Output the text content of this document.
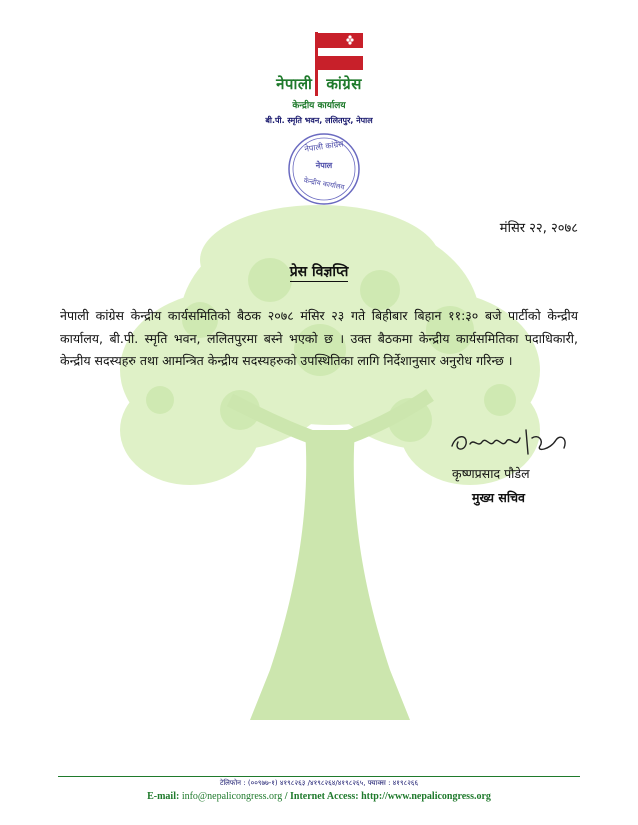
नेपाली कांग्रेस
केन्द्रीय कार्यालय
बी.पी. स्मृति भवन, ललितपुर, नेपाल
नेपाली कांग्रेस
नेपाल
केन्द्रीय कार्यालय
मंसिर २२, २०७८
प्रेस विज्ञप्ति
नेपाली कांग्रेस केन्द्रीय कार्यसमितिको बैठक २०७८ मंसिर २३ गते बिहीबार बिहान ११:३० बजे पार्टीको केन्द्रीय कार्यालय, बी.पी. स्मृति भवन, ललितपुरमा बस्ने भएको छ । उक्त बैठकमा केन्द्रीय कार्यसमितिका पदाधिकारी, केन्द्रीय सदस्यहरु तथा आमन्त्रित केन्द्रीय सदस्यहरुको उपस्थितिका लागि निर्देशानुसार अनुरोध गरिन्छ ।
कृष्णप्रसाद पौडेल
मुख्य सचिव
टेलिफोन : (००९७७-१) ४१९८२६३ /४१९८२६४/४१९८२६५, फ्याक्स : ४१९८२६६
E-mail: info@nepalicongress.org / Internet Access: http://www.nepalicongress.org
